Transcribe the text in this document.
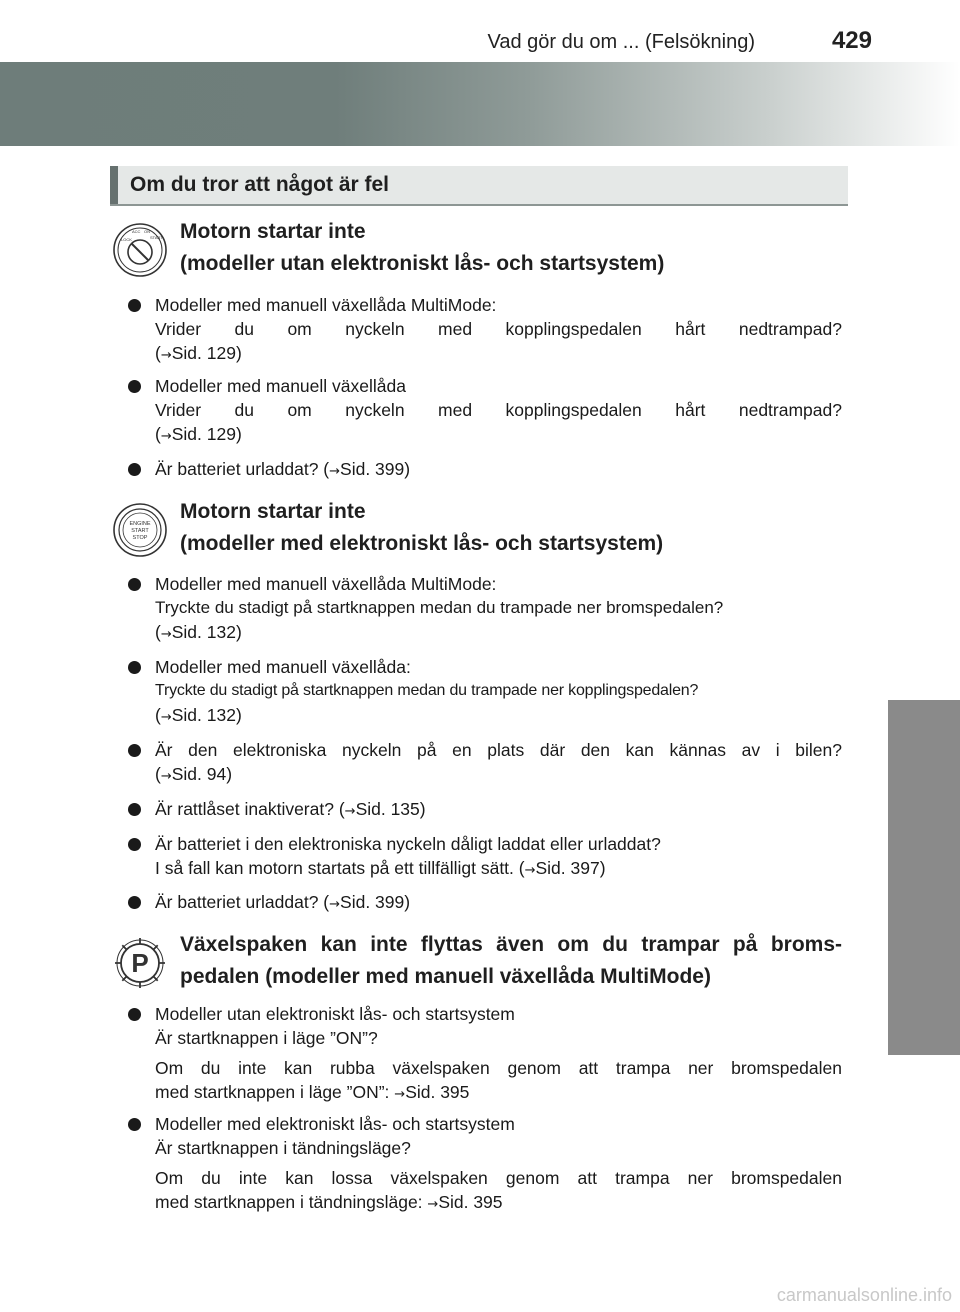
Vad gör du om ... (Felsökning)	429
Om du tror att något är fel
LOCK
ACC ON
START Motorn startar inte
(modeller utan elektroniskt lås- och startsystem)
Modeller med manuell växellåda MultiMode:
Vrider du om nyckeln med kopplingspedalen hårt nedtrampad?
(→Sid. 129)
Modeller med manuell växellåda
Vrider du om nyckeln med kopplingspedalen hårt nedtrampad?
(→Sid. 129)
Är batteriet urladdat? (→Sid. 399)
ENGINE
START
STOP
Motorn startar inte
(modeller med elektroniskt lås- och startsystem)
Modeller med manuell växellåda MultiMode:
Tryckte du stadigt på startknappen medan du trampade ner bromspedalen?
(→Sid. 132)
Modeller med manuell växellåda:
Tryckte du stadigt på startknappen medan du trampade ner kopplingspedalen?
(→Sid. 132)
Är den elektroniska nyckeln på en plats där den kan kännas av i bilen?
(→Sid. 94)
Är rattlåset inaktiverat? (→Sid. 135)
Är batteriet i den elektroniska nyckeln dåligt laddat eller urladdat?
I så fall kan motorn startats på ett tillfälligt sätt. (→Sid. 397)
Är batteriet urladdat? (→Sid. 399)
P
Växelspaken kan inte flyttas även om du trampar på broms-
pedalen (modeller med manuell växellåda MultiMode)
Modeller utan elektroniskt lås- och startsystem
Är startknappen i läge ”ON”?
Om du inte kan rubba växelspaken genom att trampa ner bromspedalen
med startknappen i läge ”ON”: →Sid. 395
Modeller med elektroniskt lås- och startsystem
Är startknappen i tändningsläge?
Om du inte kan lossa växelspaken genom att trampa ner bromspedalen
med startknappen i tändningsläge: →Sid. 395
carmanualsonline.info
